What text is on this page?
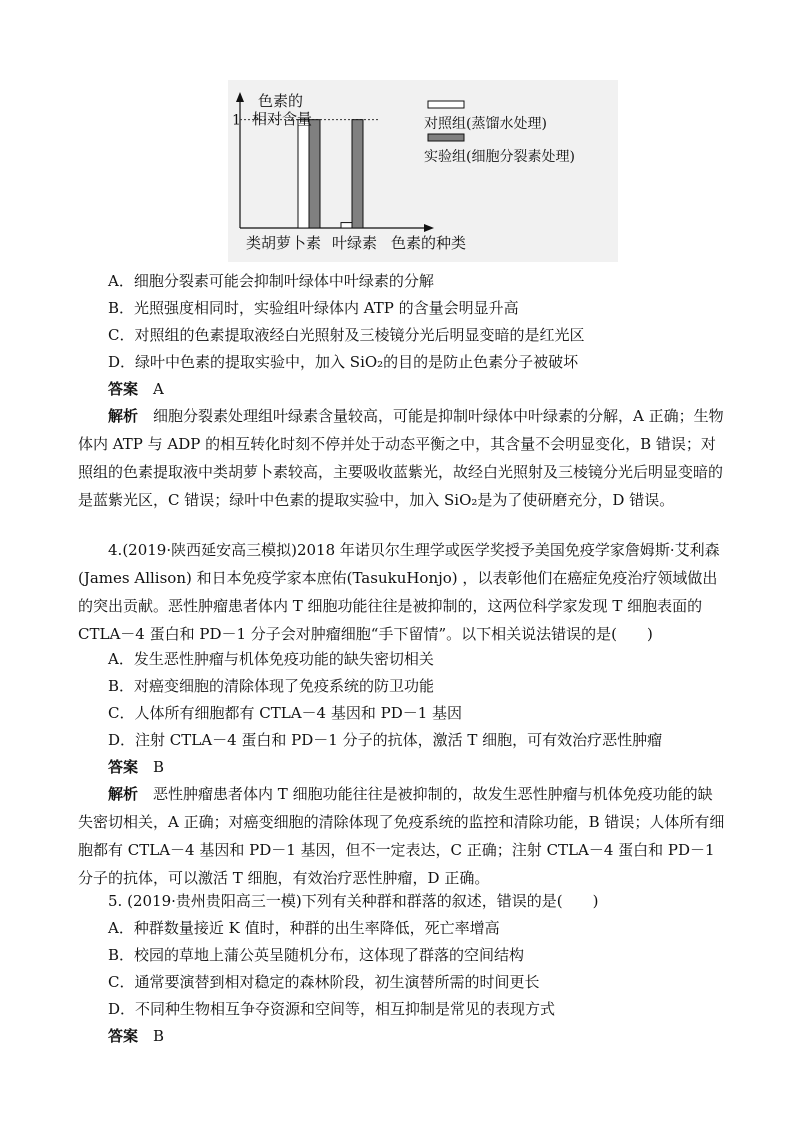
色素的
相对含量
1
类胡萝卜素 叶绿素 色素的种类
对照组(蒸馏水处理)
实验组(细胞分裂素处理)
A．细胞分裂素可能会抑制叶绿体中叶绿素的分解
B．光照强度相同时，实验组叶绿体内 ATP 的含量会明显升高
C．对照组的色素提取液经白光照射及三棱镜分光后明显变暗的是红光区
D．绿叶中色素的提取实验中，加入 SiO₂的目的是防止色素分子被破坏
答案　 A
解析　 细胞分裂素处理组叶绿素含量较高，可能是抑制叶绿体中叶绿素的分解，A 正确；生物体内 ATP 与 ADP 的相互转化时刻不停并处于动态平衡之中，其含量不会明显变化，B 错误；对照组的色素提取液中类胡萝卜素较高，主要吸收蓝紫光，故经白光照射及三棱镜分光后明显变暗的是蓝紫光区，C 错误；绿叶中色素的提取实验中，加入 SiO₂是为了使研磨充分，D 错误。
4.(2019·陕西延安高三模拟)2018 年诺贝尔生理学或医学奖授予美国免疫学家詹姆斯·艾利森(James Allison) 和日本免疫学家本庶佑(TasukuHonjo) ，以表彰他们在癌症免疫治疗领域做出的突出贡献。恶性肿瘤患者体内 T 细胞功能往往是被抑制的，这两位科学家发现 T 细胞表面的 CTLA－4 蛋白和 PD－1 分子会对肿瘤细胞“手下留情”。以下相关说法错误的是(　　)
A．发生恶性肿瘤与机体免疫功能的缺失密切相关
B．对癌变细胞的清除体现了免疫系统的防卫功能
C．人体所有细胞都有 CTLA－4 基因和 PD－1 基因
D．注射 CTLA－4 蛋白和 PD－1 分子的抗体，激活 T 细胞，可有效治疗恶性肿瘤
答案　 B
解析　 恶性肿瘤患者体内 T 细胞功能往往是被抑制的，故发生恶性肿瘤与机体免疫功能的缺失密切相关，A 正确；对癌变细胞的清除体现了免疫系统的监控和清除功能，B 错误；人体所有细胞都有 CTLA－4 基因和 PD－1 基因，但不一定表达，C 正确；注射 CTLA－4 蛋白和 PD－1 分子的抗体，可以激活 T 细胞，有效治疗恶性肿瘤，D 正确。
5. (2019·贵州贵阳高三一模)下列有关种群和群落的叙述，错误的是(　　)
A．种群数量接近 K 值时，种群的出生率降低，死亡率增高
B．校园的草地上蒲公英呈随机分布，这体现了群落的空间结构
C．通常要演替到相对稳定的森林阶段，初生演替所需的时间更长
D．不同种生物相互争夺资源和空间等，相互抑制是常见的表现方式
答案　 B
